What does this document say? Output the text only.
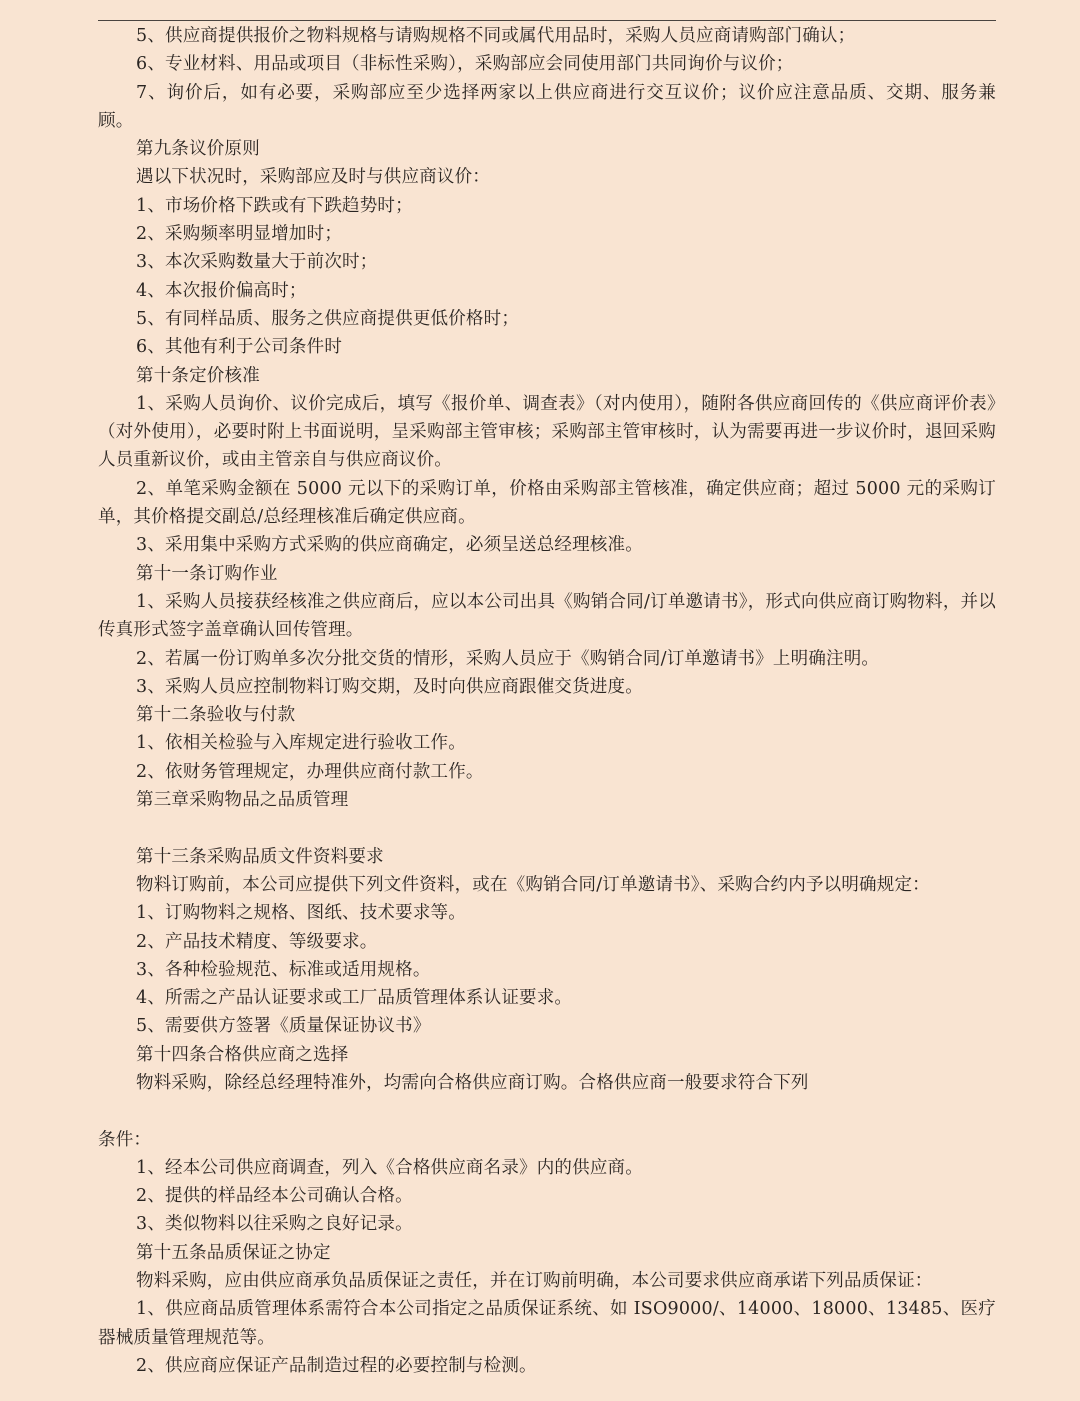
5、供应商提供报价之物料规格与请购规格不同或属代用品时，采购人员应商请购部门确认；

6、专业材料、用品或项目（非标性采购），采购部应会同使用部门共同询价与议价；

7、询价后，如有必要，采购部应至少选择两家以上供应商进行交互议价；议价应注意品质、交期、服务兼顾。

第九条议价原则

遇以下状况时，采购部应及时与供应商议价：

1、市场价格下跌或有下跌趋势时；

2、采购频率明显增加时；

3、本次采购数量大于前次时；

4、本次报价偏高时；

5、有同样品质、服务之供应商提供更低价格时；

6、其他有利于公司条件时

第十条定价核准

1、采购人员询价、议价完成后，填写《报价单、调查表》（对内使用），随附各供应商回传的《供应商评价表》（对外使用），必要时附上书面说明，呈采购部主管审核；采购部主管审核时，认为需要再进一步议价时，退回采购人员重新议价，或由主管亲自与供应商议价。

2、单笔采购金额在 5000 元以下的采购订单，价格由采购部主管核准，确定供应商；超过 5000 元的采购订单，其价格提交副总/总经理核准后确定供应商。

3、采用集中采购方式采购的供应商确定，必须呈送总经理核准。

第十一条订购作业

1、采购人员接获经核准之供应商后，应以本公司出具《购销合同/订单邀请书》，形式向供应商订购物料，并以传真形式签字盖章确认回传管理。

2、若属一份订购单多次分批交货的情形，采购人员应于《购销合同/订单邀请书》上明确注明。

3、采购人员应控制物料订购交期，及时向供应商跟催交货进度。

第十二条验收与付款

1、依相关检验与入库规定进行验收工作。

2、依财务管理规定，办理供应商付款工作。

第三章采购物品之品质管理

第十三条采购品质文件资料要求

物料订购前，本公司应提供下列文件资料，或在《购销合同/订单邀请书》、采购合约内予以明确规定：

1、订购物料之规格、图纸、技术要求等。

2、产品技术精度、等级要求。

3、各种检验规范、标准或适用规格。

4、所需之产品认证要求或工厂品质管理体系认证要求。

5、需要供方签署《质量保证协议书》

第十四条合格供应商之选择

物料采购，除经总经理特准外，均需向合格供应商订购。合格供应商一般要求符合下列

条件：

1、经本公司供应商调查，列入《合格供应商名录》内的供应商。

2、提供的样品经本公司确认合格。

3、类似物料以往采购之良好记录。

第十五条品质保证之协定

物料采购，应由供应商承负品质保证之责任，并在订购前明确，本公司要求供应商承诺下列品质保证：

1、供应商品质管理体系需符合本公司指定之品质保证系统、如 ISO9000/、14000、18000、13485、医疗器械质量管理规范等。

2、供应商应保证产品制造过程的必要控制与检测。
